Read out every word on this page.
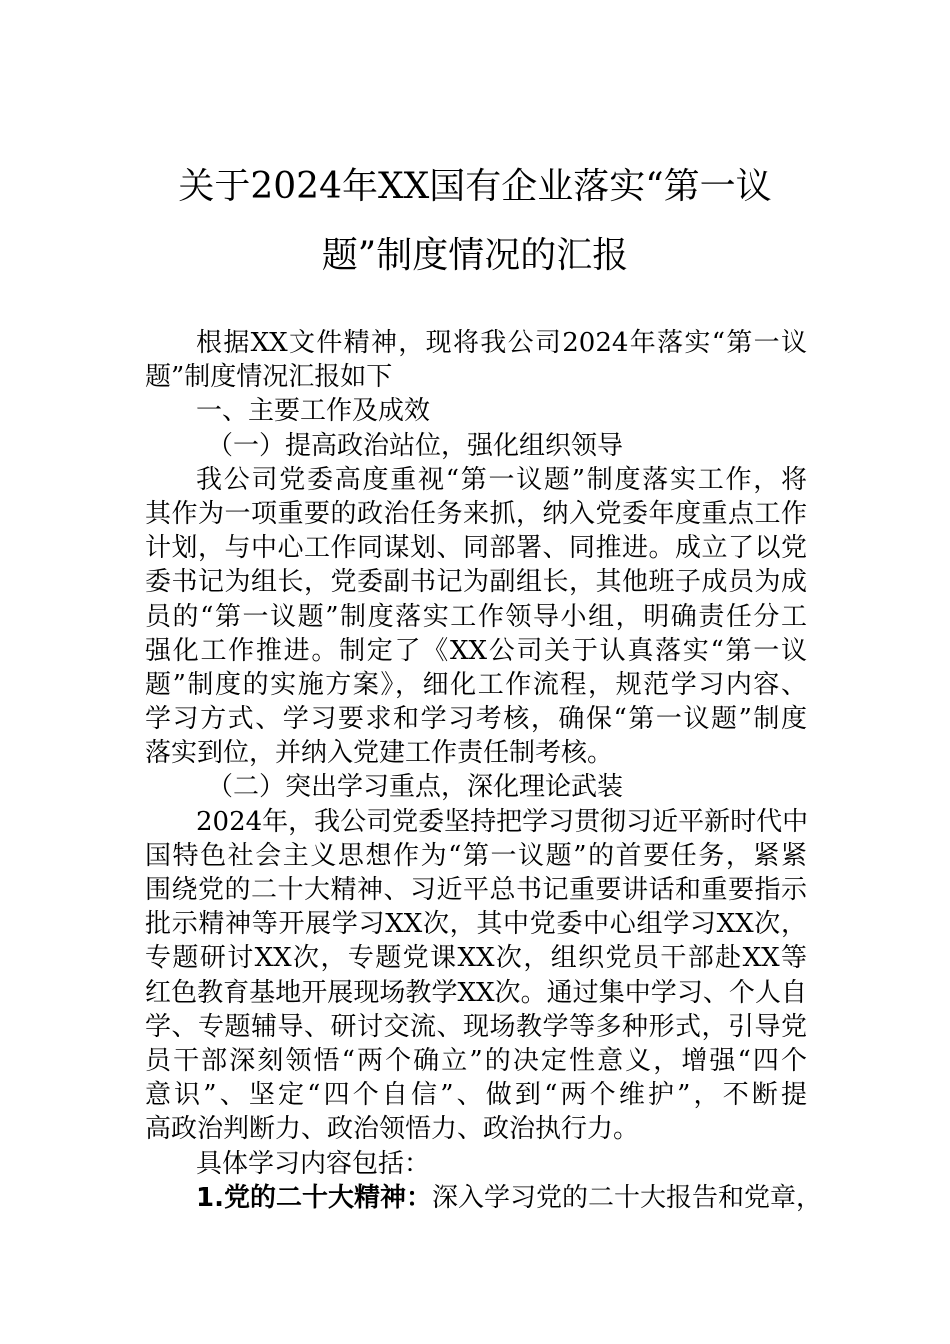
关于2024年XX国有企业落实“第一议
题”制度情况的汇报
根据XX文件精神，现将我公司2024年落实“第一议
题”制度情况汇报如下
一、主要工作及成效
（一）提高政治站位，强化组织领导
我公司党委高度重视“第一议题”制度落实工作，将
其作为一项重要的政治任务来抓，纳入党委年度重点工作
计划，与中心工作同谋划、同部署、同推进。成立了以党
委书记为组长，党委副书记为副组长，其他班子成员为成
员的“第一议题”制度落实工作领导小组，明确责任分工
强化工作推进。制定了《XX公司关于认真落实“第一议
题”制度的实施方案》，细化工作流程，规范学习内容、
学习方式、学习要求和学习考核，确保“第一议题”制度
落实到位，并纳入党建工作责任制考核。
（二）突出学习重点，深化理论武装
2024年，我公司党委坚持把学习贯彻习近平新时代中
国特色社会主义思想作为“第一议题”的首要任务，紧紧
围绕党的二十大精神、习近平总书记重要讲话和重要指示
批示精神等开展学习XX次，其中党委中心组学习XX次，
专题研讨XX次，专题党课XX次，组织党员干部赴XX等
红色教育基地开展现场教学XX次。通过集中学习、个人自
学、专题辅导、研讨交流、现场教学等多种形式，引导党
员干部深刻领悟“两个确立”的决定性意义，增强“四个
意识”、坚定“四个自信”、做到“两个维护”，不断提
高政治判断力、政治领悟力、政治执行力。
具体学习内容包括：
1.党的二十大精神：深入学习党的二十大报告和党章，
